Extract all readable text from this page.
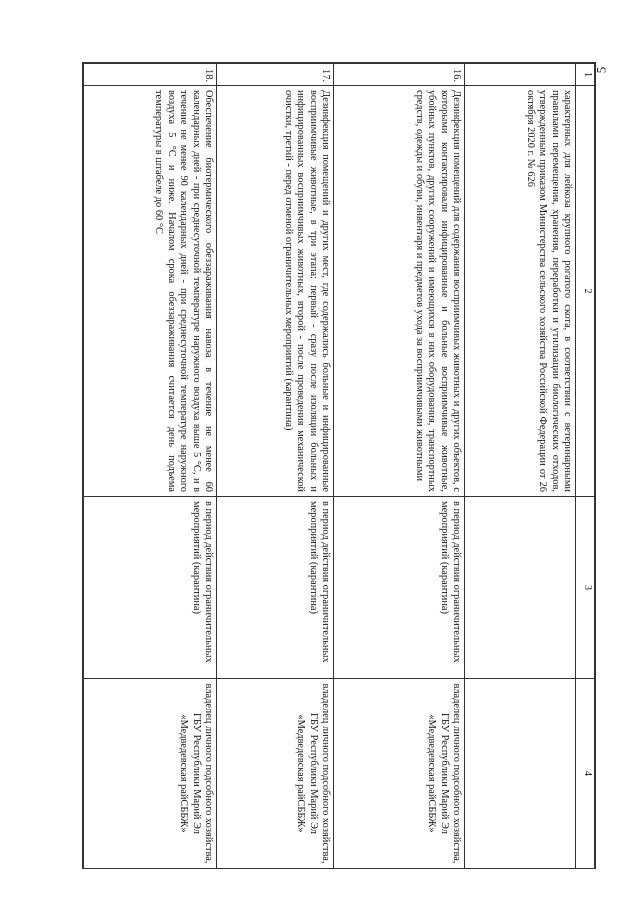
5
1	2	3	4
	характерных для лейкоза крупного рогатого скота, в соответствии с ветеринарными правилами перемещения, хранения, переработки и утилизации биологических отходов, утвержденным приказом Министерства сельского хозяйства Российской Федерации от 26 октября 2020 г. № 626		
16.	Дезинфекция помещений для содержания восприимчивых животных и других объектов, с которыми контактировали инфицированные и больные восприимчивые животные, убойных пунктов, других сооружений и имеющихся в них оборудования, транспортных средств, одежды и обуви, инвентаря и предметов ухода за восприимчивыми животными	в период действия ограничительных мероприятий (карантина)	владелец личного подсобного хозяйства, ГБУ Республики Марий Эл «Медведевская райСББЖ»
17.	Дезинфекция помещений и других мест, где содержались больные и инфицированные восприимчивые животные, в три этапа: первый - сразу после изоляции больных и инфицированных восприимчивых животных, второй - после проведения механической очистки, третий - перед отменой ограничительных мероприятий (карантина)	в период действия ограничительных мероприятий (карантина)	владелец личного подсобного хозяйства, ГБУ Республики Марий Эл «Медведевская райСББЖ»
18.	Обеспечение биотермического обеззараживания навоза в течение не менее 60 календарных дней - при среднесуточной температуре наружного воздуха выше 5 °С, и в течение не менее 90 календарных дней - при среднесуточной температуре наружного воздуха 5 °С и ниже. Началом срока обеззараживания считается день подъема температуры в штабеле до 60 °С	в период действия ограничительных мероприятий (карантина)	владелец личного подсобного хозяйства, ГБУ Республики Марий Эл «Медведевская райСББЖ»
